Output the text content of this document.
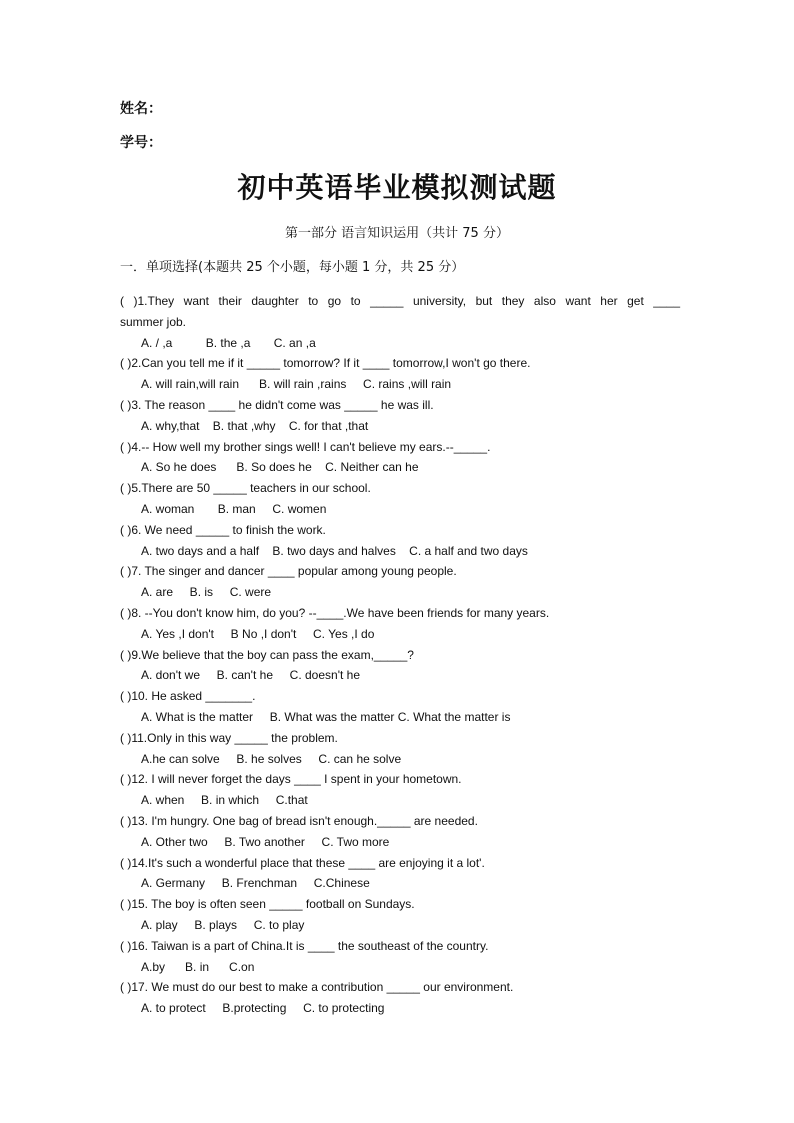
姓名：
学号：
初中英语毕业模拟测试题
第一部分 语言知识运用（共计 75 分）
一．单项选择(本题共 25 个小题，每小题 1 分，共 25 分）
( )1.They want their daughter to go to _____ university, but they also want her get ____
summer job.
A. / ,a          B. the ,a       C. an ,a
( )2.Can you tell me if it _____ tomorrow? If it ____ tomorrow,I won't go there.
A. will rain,will rain      B. will rain ,rains     C. rains ,will rain
( )3. The reason ____ he didn't come was _____ he was ill.
A. why,that    B. that ,why    C. for that ,that
( )4.-- How well my brother sings well! I can't believe my ears.--_____.
A. So he does      B. So does he    C. Neither can he
( )5.There are 50 _____ teachers in our school.
A. woman       B. man     C. women
( )6. We need _____ to finish the work.
A. two days and a half    B. two days and halves    C. a half and two days
( )7. The singer and dancer ____ popular among young people.
A. are     B. is     C. were
( )8. --You don't know him, do you? --____.We have been friends for many years.
A. Yes ,I don't     B No ,I don't     C. Yes ,I do
( )9.We believe that the boy can pass the exam,_____?
A. don't we     B. can't he     C. doesn't he
( )10. He asked _______.
A. What is the matter     B. What was the matter C. What the matter is
( )11.Only in this way _____ the problem.
A.he can solve     B. he solves     C. can he solve
( )12. I will never forget the days ____ I spent in your hometown.
A. when     B. in which     C.that
( )13. I'm hungry. One bag of bread isn't enough._____ are needed.
A. Other two     B. Two another     C. Two more
( )14.It's such a wonderful place that these ____ are enjoying it a lot'.
A. Germany     B. Frenchman     C.Chinese
( )15. The boy is often seen _____ football on Sundays.
A. play     B. plays     C. to play
( )16. Taiwan is a part of China.It is ____ the southeast of the country.
A.by      B. in      C.on
( )17. We must do our best to make a contribution _____ our environment.
A. to protect     B.protecting     C. to protecting
